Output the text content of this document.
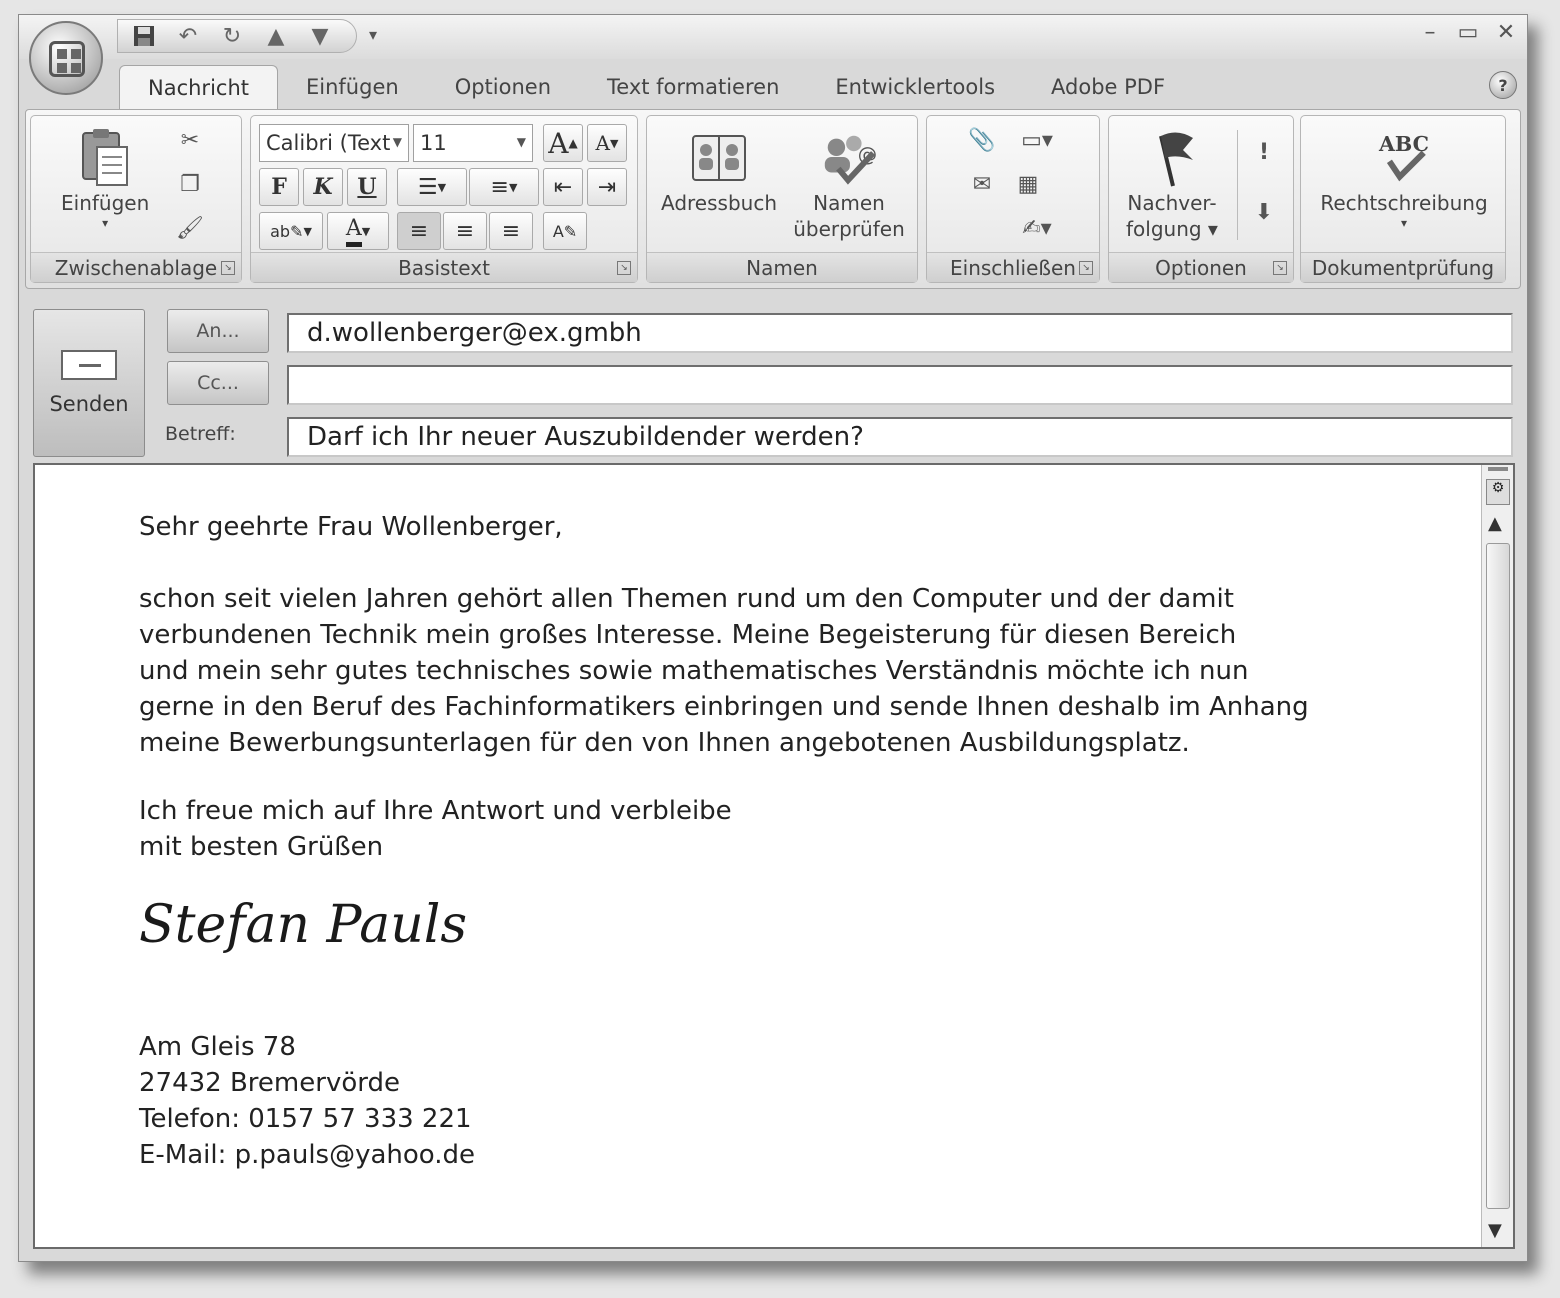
↶ ↻ ▲ ▼	▾	–	▭ ✕
Nachricht	Einfügen	Optionen	Text formatieren	Entwicklertools	Adobe PDF	?
Einfügen
▾
✂
❐
🖌
Zwischenablage ↘
Calibri (Text ▼ 11	▼ A ▲ A ▼
F	K	U	☰ ▼ ≡ ▼ ⇤ ⇥
ab✎ ▼ A ▼ ≡ ≡ ≡ A✎
Basistext	↘
Adressbuch
@
Namen
überprüfen
Namen
📎	▭▾
✉	▦
✍▾
Einschließen ↘
Nachver-
folgung ▾
!
⬇
Optionen	↘
ABC
Rechtschreibung
▾
Dokumentprüfung
Senden
An...
Cc...
Betreff:
d.wollenberger@ex.gmbh
Darf ich Ihr neuer Auszubildender werden?
Sehr geehrte Frau Wollenberger,
schon seit vielen Jahren gehört allen Themen rund um den Computer und der damit
verbundenen Technik mein großes Interesse. Meine Begeisterung für diesen Bereich
und mein sehr gutes technisches sowie mathematisches Verständnis möchte ich nun
gerne in den Beruf des Fachinformatikers einbringen und sende Ihnen deshalb im Anhang
meine Bewerbungsunterlagen für den von Ihnen angebotenen Ausbildungsplatz.
Ich freue mich auf Ihre Antwort und verbleibe
mit besten Grüßen
Stefan Pauls
Am Gleis 78
27432 Bremervörde
Telefon: 0157 57 333 221
E-Mail: p.pauls@yahoo.de
⚙
▲
▼
